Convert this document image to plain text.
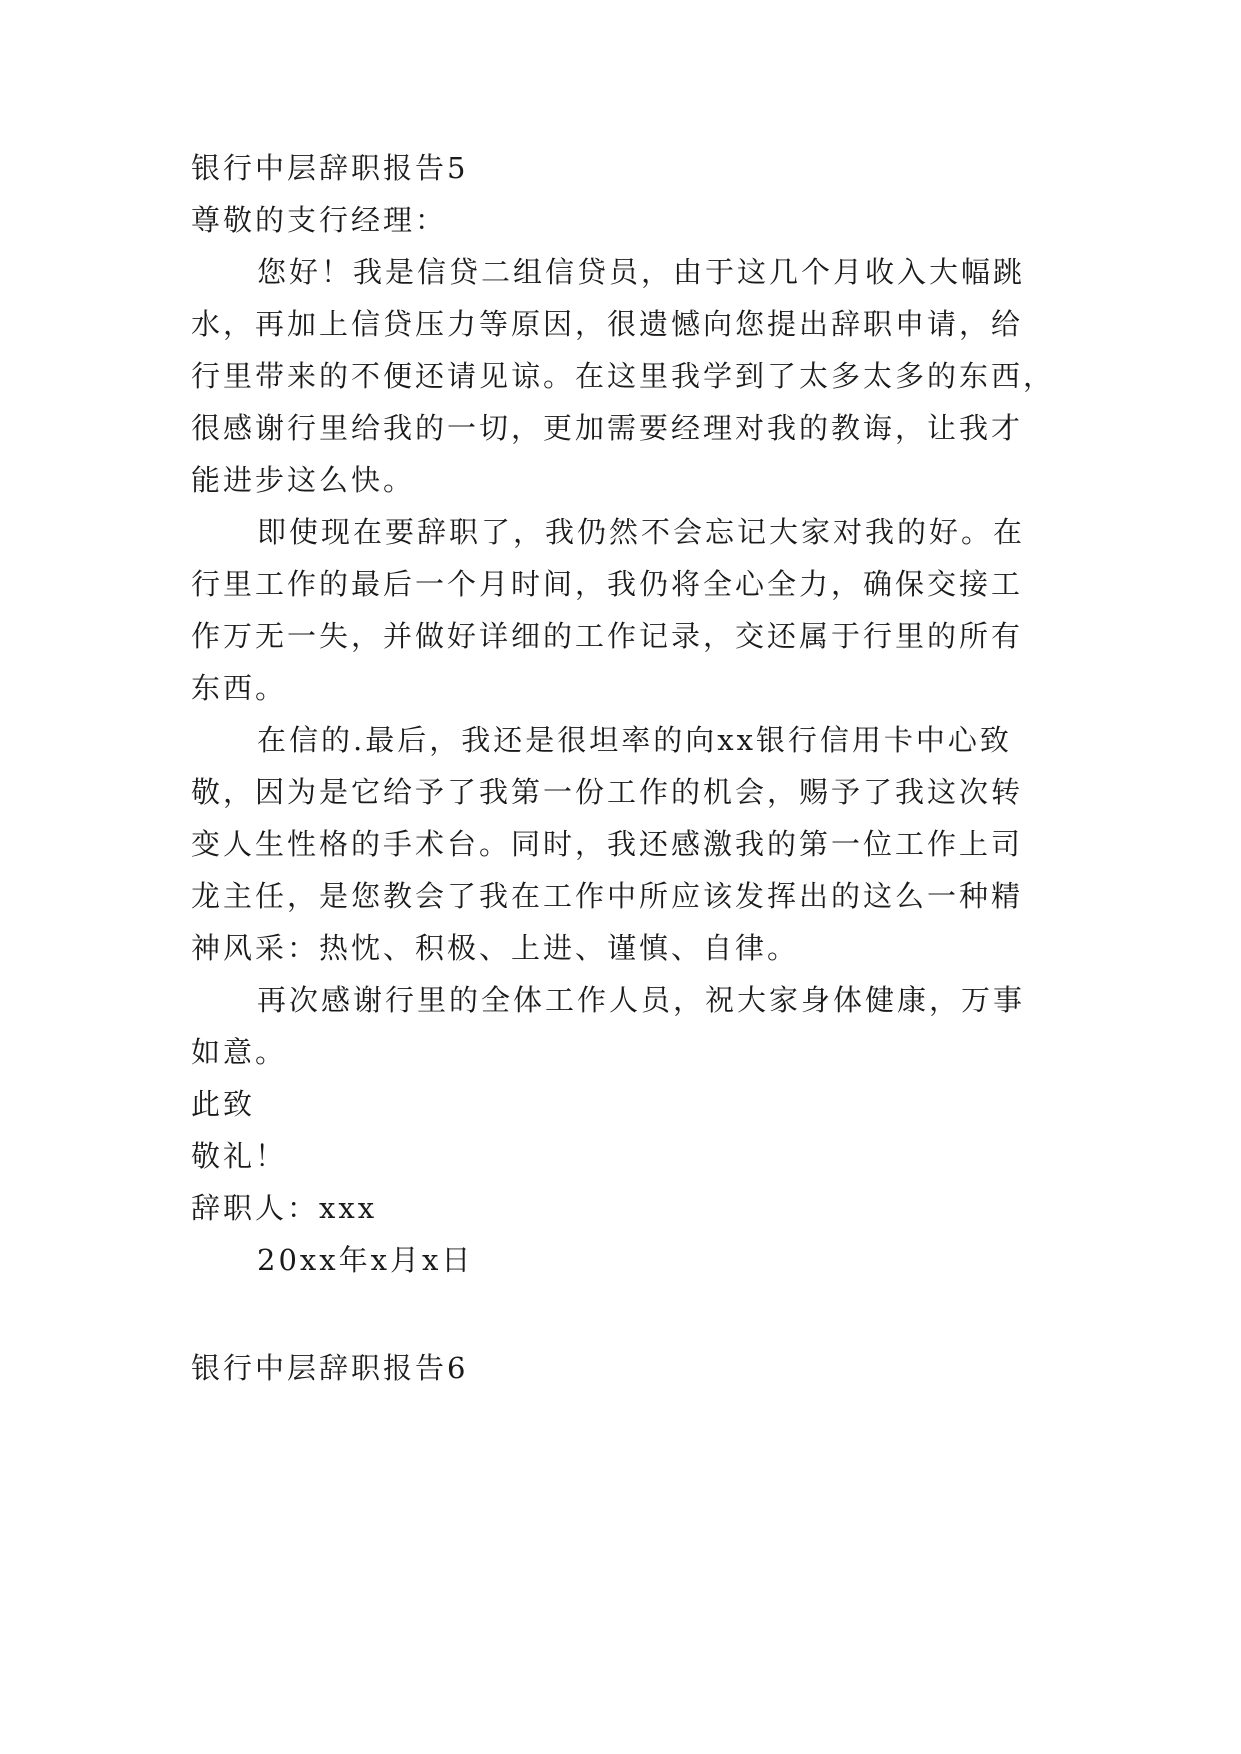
银行中层辞职报告5
尊敬的支行经理：
您好！我是信贷二组信贷员，由于这几个月收入大幅跳
水，再加上信贷压力等原因，很遗憾向您提出辞职申请，给
行里带来的不便还请见谅。在这里我学到了太多太多的东西，
很感谢行里给我的一切，更加需要经理对我的教诲，让我才
能进步这么快。
即使现在要辞职了，我仍然不会忘记大家对我的好。在
行里工作的最后一个月时间，我仍将全心全力，确保交接工
作万无一失，并做好详细的工作记录，交还属于行里的所有
东西。
在信的.最后，我还是很坦率的向xx银行信用卡中心致
敬，因为是它给予了我第一份工作的机会，赐予了我这次转
变人生性格的手术台。同时，我还感激我的第一位工作上司
龙主任，是您教会了我在工作中所应该发挥出的这么一种精
神风采：热忱、积极、上进、谨慎、自律。
再次感谢行里的全体工作人员，祝大家身体健康，万事
如意。
此致
敬礼！
辞职人：xxx
20xx年x月x日
银行中层辞职报告6
